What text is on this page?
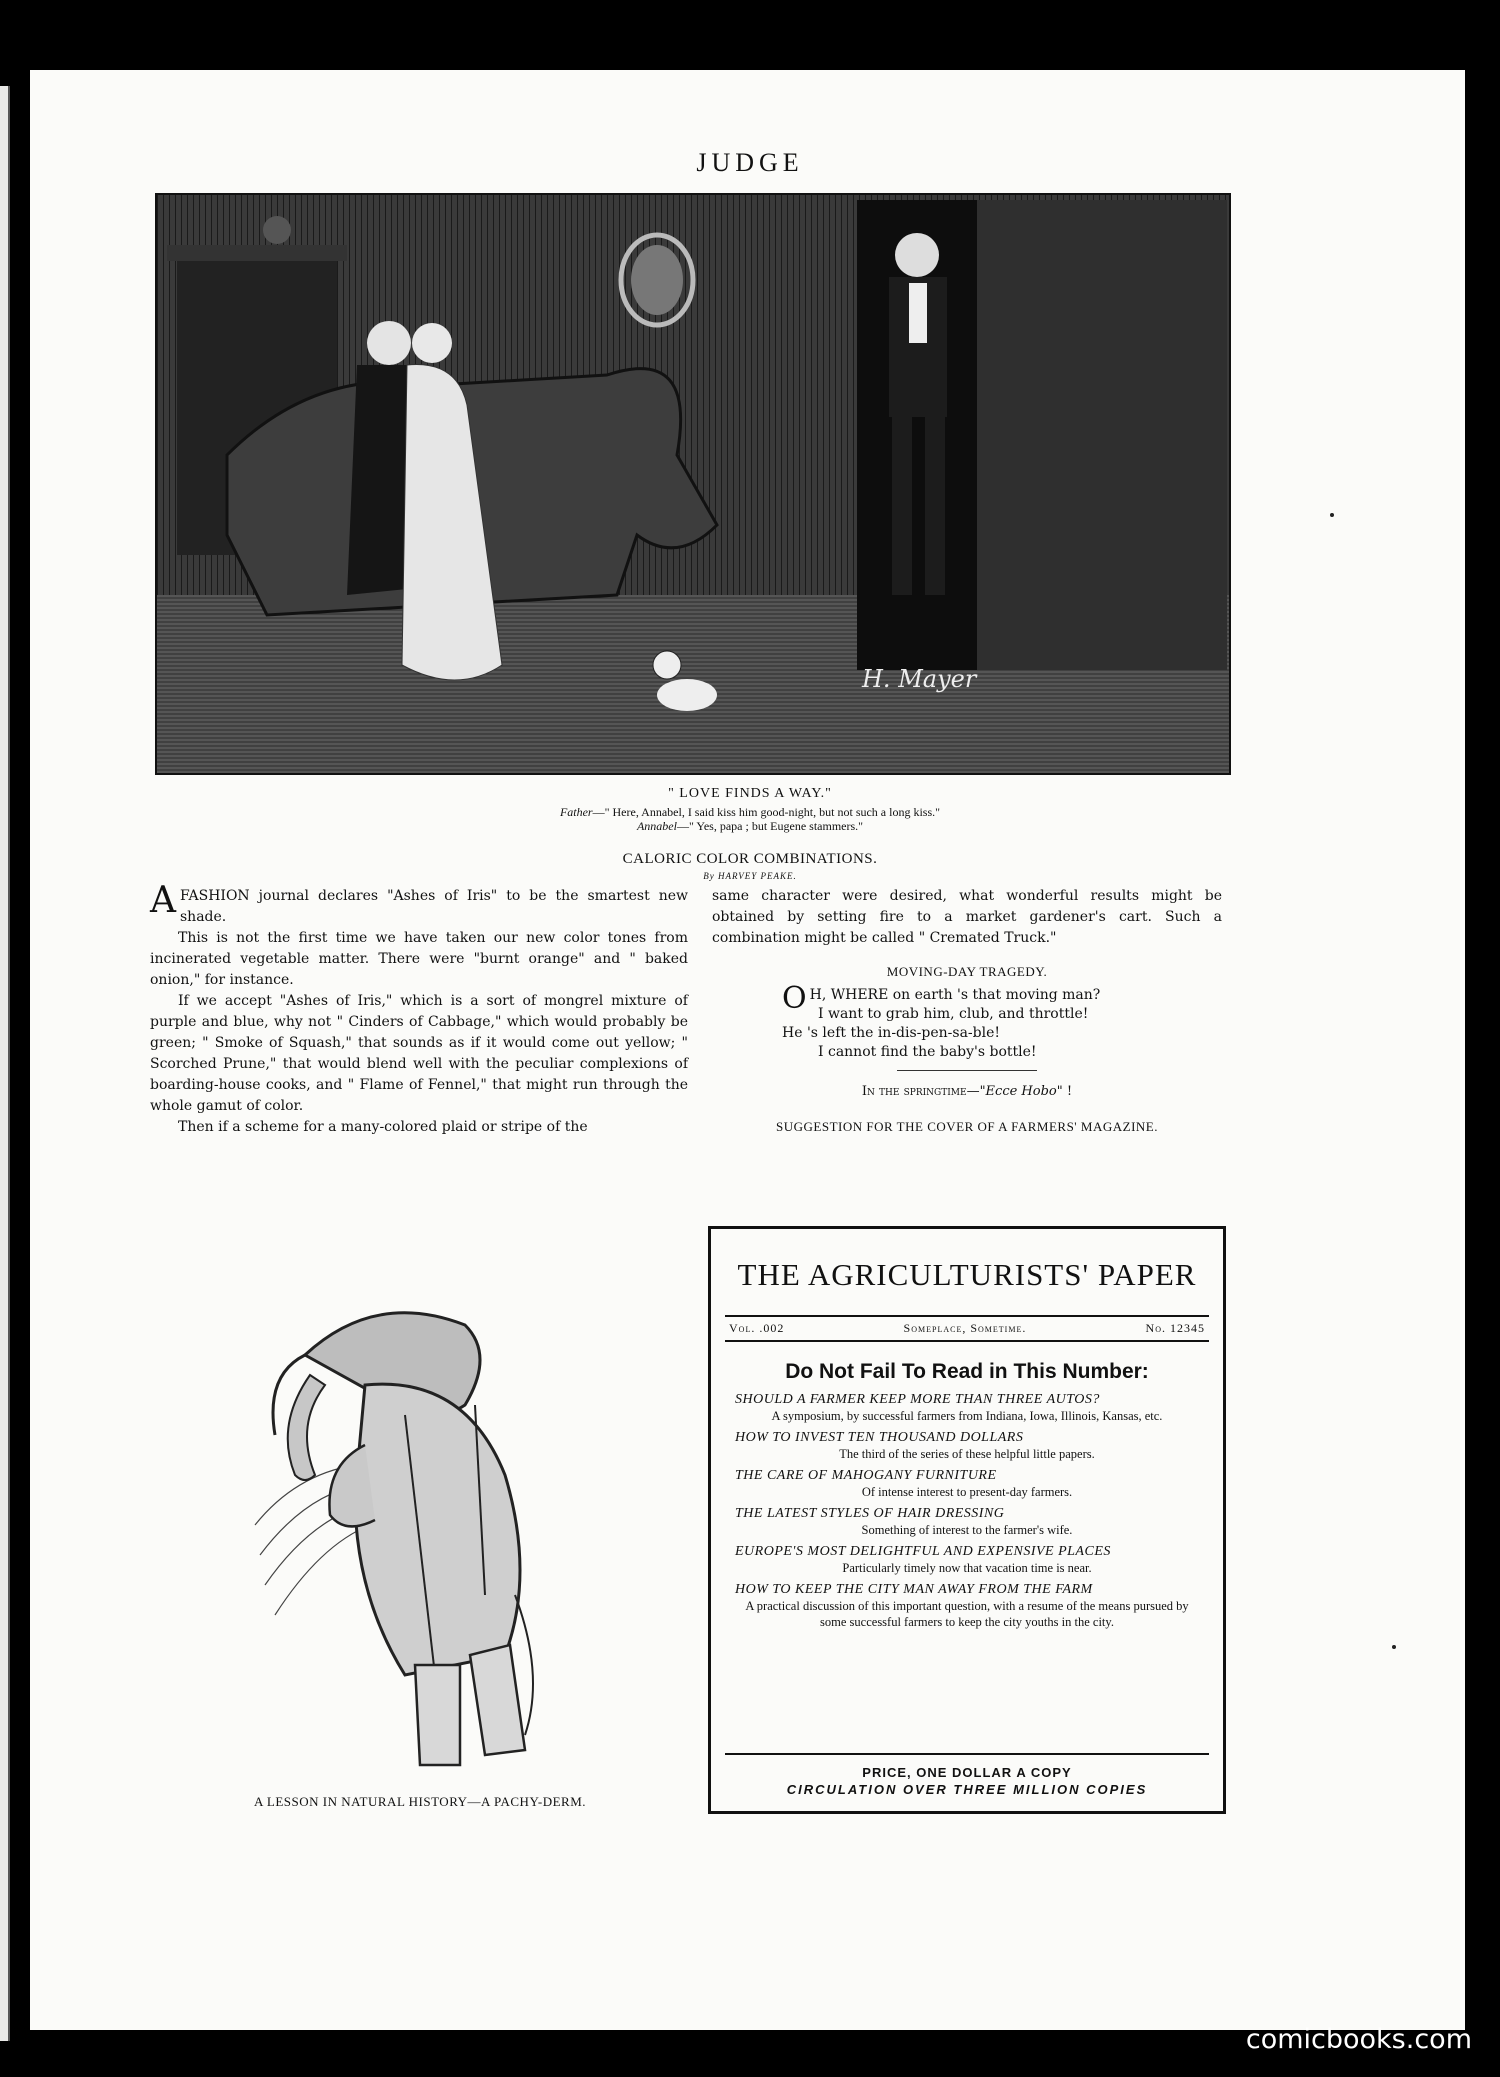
JUDGE
H. Mayer
" LOVE FINDS A WAY."
Father—" Here, Annabel, I said kiss him good-night, but not such a long kiss."
Annabel—" Yes, papa ; but Eugene stammers."
CALORIC COLOR COMBINATIONS.
By HARVEY PEAKE.

AFASHION journal declares "Ashes of Iris" to be the smartest new shade.

This is not the first time we have taken our new color tones from incinerated vegetable matter. There were "burnt orange" and " baked onion," for instance.

If we accept "Ashes of Iris," which is a sort of mongrel mixture of purple and blue, why not " Cinders of Cabbage," which would probably be green; " Smoke of Squash," that sounds as if it would come out yellow; " Scorched Prune," that would blend well with the peculiar complexions of boarding-house cooks, and " Flame of Fennel," that might run through the whole gamut of color.

Then if a scheme for a many-colored plaid or stripe of the

same character were desired, what wonderful results might be obtained by setting fire to a market gardener's cart. Such a combination might be called " Cremated Truck."

MOVING-DAY TRAGEDY.
O H, WHERE on earth 's that moving man?
I want to grab him, club, and throttle!
He 's left the in-dis-pen-sa-ble!
I cannot find the baby's bottle!
In the springtime—"Ecce Hobo" !
SUGGESTION FOR THE COVER OF A FARMERS' MAGAZINE.
THE AGRICULTURISTS' PAPER
Vol. .002	Someplace, Sometime.	No. 12345
Do Not Fail To Read in This Number:
SHOULD A FARMER KEEP MORE THAN THREE AUTOS?
A symposium, by successful farmers from Indiana, Iowa, Illinois, Kansas, etc.
HOW TO INVEST TEN THOUSAND DOLLARS
The third of the series of these helpful little papers.
THE CARE OF MAHOGANY FURNITURE
Of intense interest to present-day farmers.
THE LATEST STYLES OF HAIR DRESSING
Something of interest to the farmer's wife.
EUROPE'S MOST DELIGHTFUL AND EXPENSIVE PLACES
Particularly timely now that vacation time is near.
HOW TO KEEP THE CITY MAN AWAY FROM THE FARM
A practical discussion of this important question, with a resume of the means pursued by some successful farmers to keep the city youths in the city.
PRICE, ONE DOLLAR A COPY
CIRCULATION OVER THREE MILLION COPIES
A LESSON IN NATURAL HISTORY—A PACHY-DERM.
comicbooks.com
